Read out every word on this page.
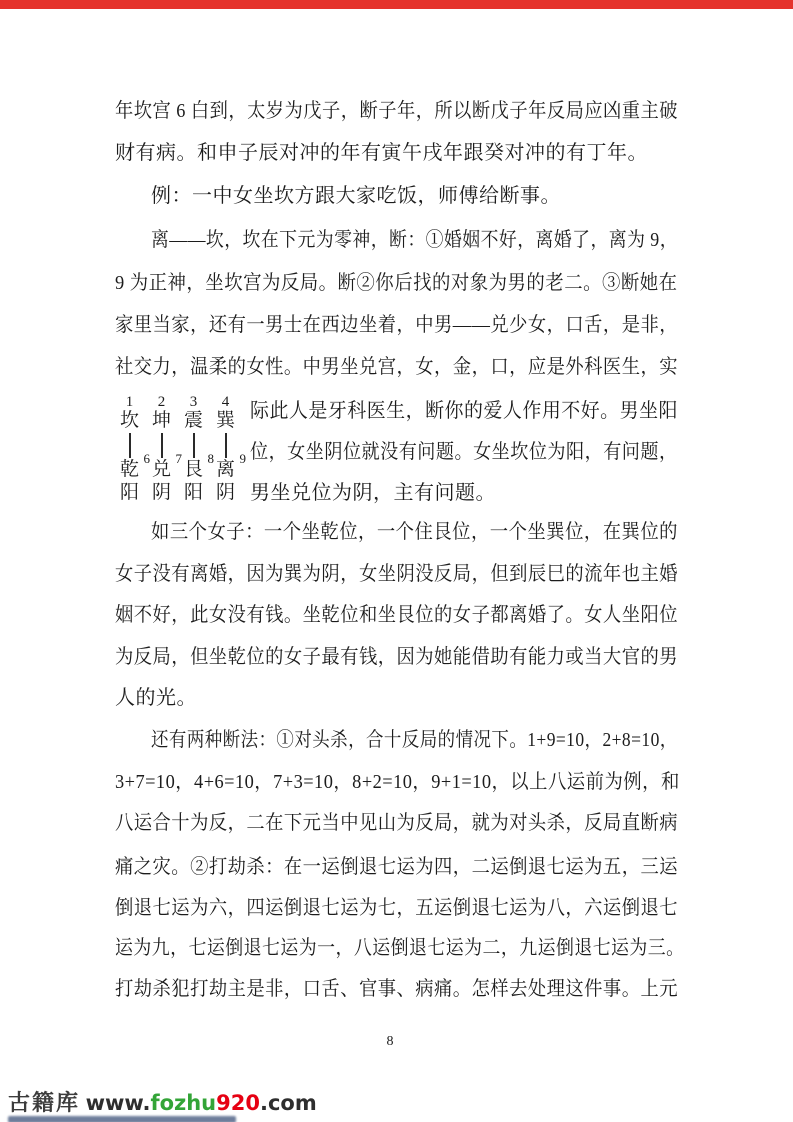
年坎宫 6 白到，太岁为戊子，断子年，所以断戊子年反局应凶重主破
财有病。和申子辰对冲的年有寅午戌年跟癸对冲的有丁年。
例：一中女坐坎方跟大家吃饭，师傅给断事。
离——坎，坎在下元为零神，断：①婚姻不好，离婚了，离为 9，
9 为正神，坐坎宫为反局。断②你后找的对象为男的老二。③断她在
家里当家，还有一男士在西边坐着，中男——兑少女，口舌，是非，
社交力，温柔的女性。中男坐兑宫，女，金，口，应是外科医生，实
际此人是牙科医生，断你的爱人作用不好。男坐阳
位，女坐阴位就没有问题。女坐坎位为阳，有问题，
男坐兑位为阴，主有问题。
1
坎
乾
6
阳
2
坤
兑
7
阴
3
震
艮
8
阳
4
巽
离
9
阴
如三个女子：一个坐乾位，一个住艮位，一个坐巽位，在巽位的
女子没有离婚，因为巽为阴，女坐阴没反局，但到辰巳的流年也主婚
姻不好，此女没有钱。坐乾位和坐艮位的女子都离婚了。女人坐阳位
为反局，但坐乾位的女子最有钱，因为她能借助有能力或当大官的男
人的光。
还有两种断法：①对头杀，合十反局的情况下。1+9=10，2+8=10，
3+7=10，4+6=10，7+3=10，8+2=10，9+1=10，以上八运前为例，和
八运合十为反，二在下元当中见山为反局，就为对头杀，反局直断病
痛之灾。②打劫杀：在一运倒退七运为四，二运倒退七运为五，三运
倒退七运为六，四运倒退七运为七，五运倒退七运为八，六运倒退七
运为九，七运倒退七运为一，八运倒退七运为二，九运倒退七运为三。
打劫杀犯打劫主是非，口舌、官事、病痛。怎样去处理这件事。上元
8
古籍库 www.fozhu920.com
